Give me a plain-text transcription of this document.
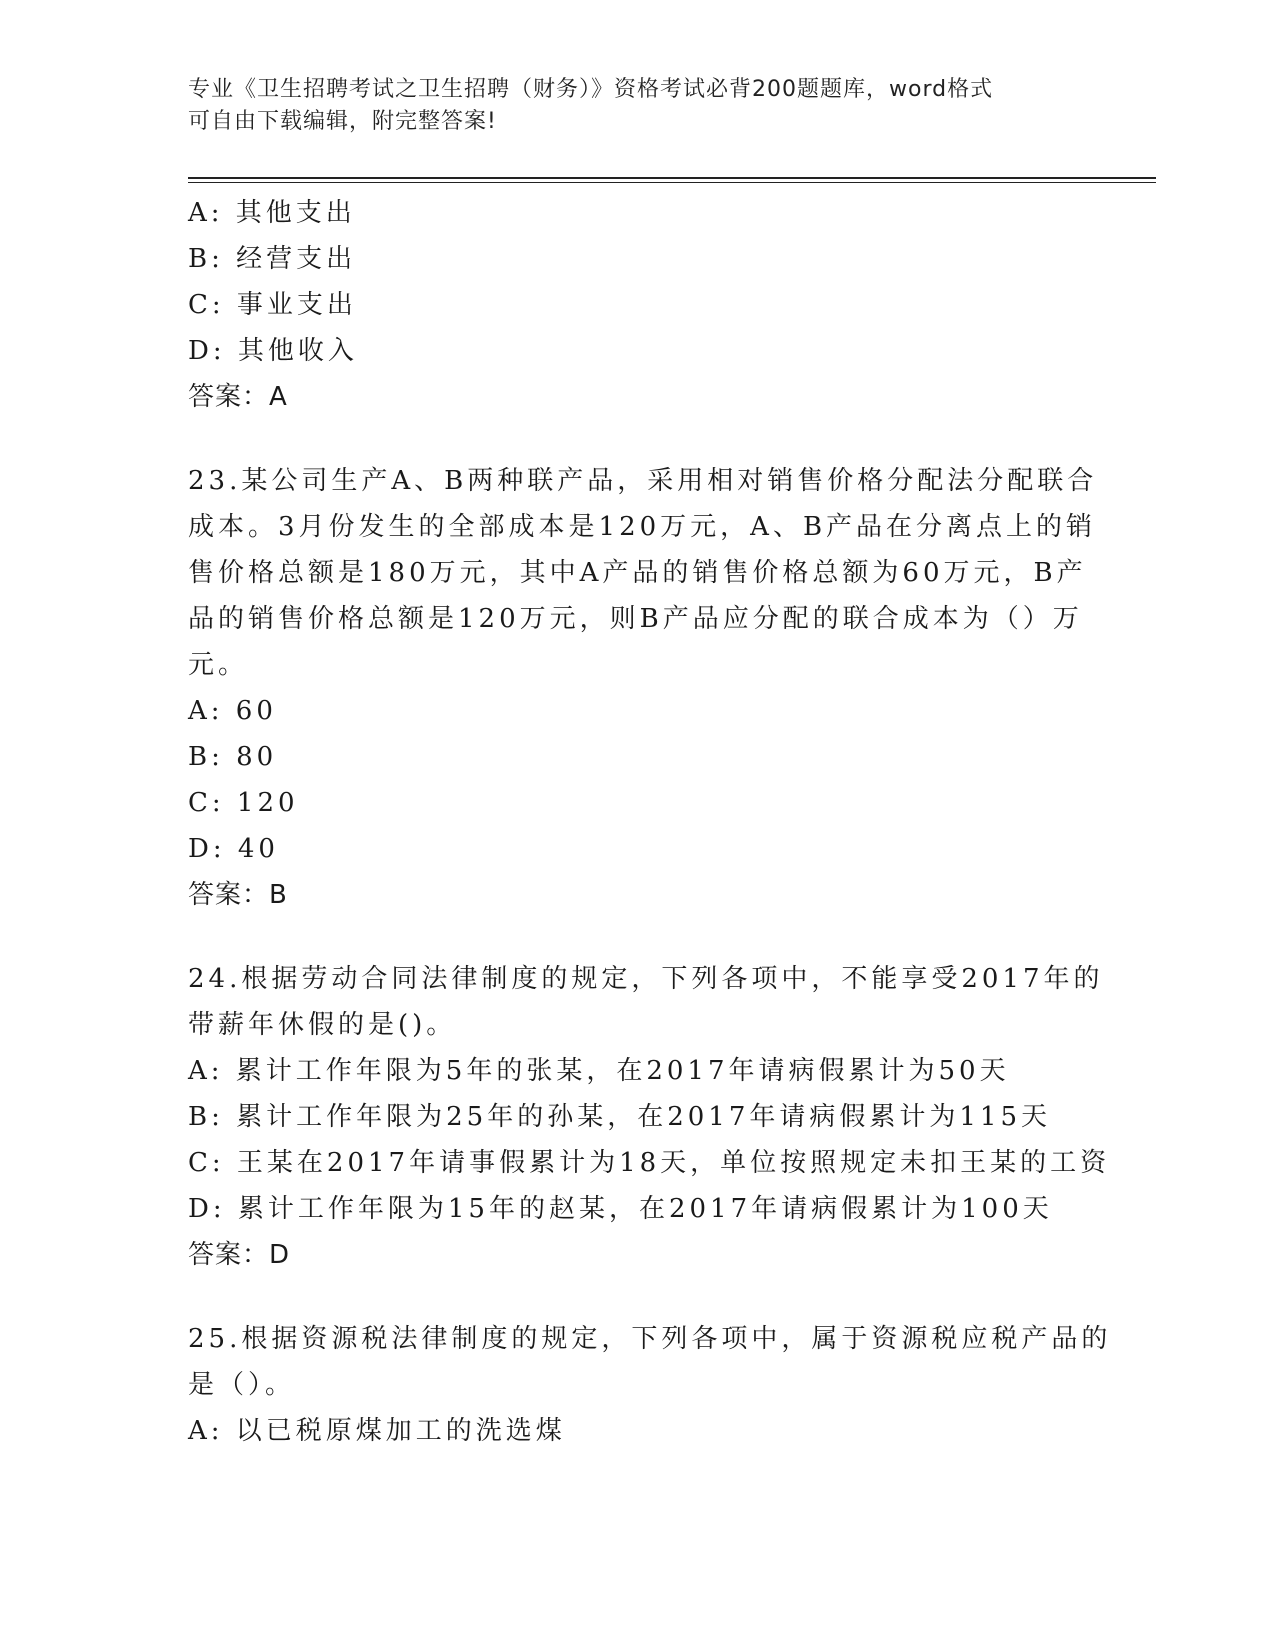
专业《卫生招聘考试之卫生招聘（财务）》资格考试必背200题题库，word格式
可自由下载编辑，附完整答案!
A: 其他支出
B: 经营支出
C: 事业支出
D: 其他收入
答案：A
23.某公司生产A、B两种联产品，采用相对销售价格分配法分配联合
成本。3月份发生的全部成本是120万元，A、B产品在分离点上的销
售价格总额是180万元，其中A产品的销售价格总额为60万元，B产
品的销售价格总额是120万元，则B产品应分配的联合成本为（）万
元。
A: 60
B: 80
C: 120
D: 40
答案：B
24.根据劳动合同法律制度的规定，下列各项中，不能享受2017年的
带薪年休假的是()。
A: 累计工作年限为5年的张某，在2017年请病假累计为50天
B: 累计工作年限为25年的孙某，在2017年请病假累计为115天
C: 王某在2017年请事假累计为18天，单位按照规定未扣王某的工资
D: 累计工作年限为15年的赵某，在2017年请病假累计为100天
答案：D
25.根据资源税法律制度的规定，下列各项中，属于资源税应税产品的
是（）。
A: 以已税原煤加工的洗选煤
